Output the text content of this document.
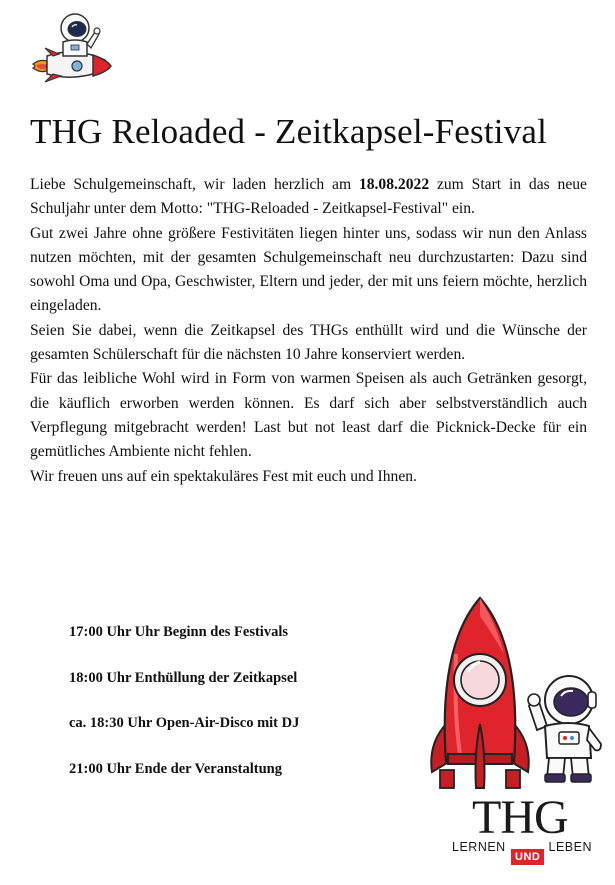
THG Reloaded - Zeitkapsel-Festival

Liebe Schulgemeinschaft, wir laden herzlich am 18.08.2022 zum Start in das neue Schuljahr unter dem Motto: "THG-Reloaded - Zeitkapsel-Festival" ein.

Gut zwei Jahre ohne größere Festivitäten liegen hinter uns, sodass wir nun den Anlass nutzen möchten, mit der gesamten Schulgemeinschaft neu durchzustarten: Dazu sind sowohl Oma und Opa, Geschwister, Eltern und jeder, der mit uns feiern möchte, herzlich eingeladen.

Seien Sie dabei, wenn die Zeitkapsel des THGs enthüllt wird und die Wünsche der gesamten Schülerschaft für die nächsten 10 Jahre konserviert werden.

Für das leibliche Wohl wird in Form von warmen Speisen als auch Getränken gesorgt, die käuflich erworben werden können. Es darf sich aber selbstverständlich auch Verpflegung mitgebracht werden! Last but not least darf die Picknick-Decke für ein gemütliches Ambiente nicht fehlen.

Wir freuen uns auf ein spektakuläres Fest mit euch und Ihnen.

17:00 Uhr Uhr Beginn des Festivals
18:00 Uhr Enthüllung der Zeitkapsel
ca. 18:30 Uhr Open-Air-Disco mit DJ
21:00 Uhr Ende der Veranstaltung
THG
LERNEN	LEBEN
UND
